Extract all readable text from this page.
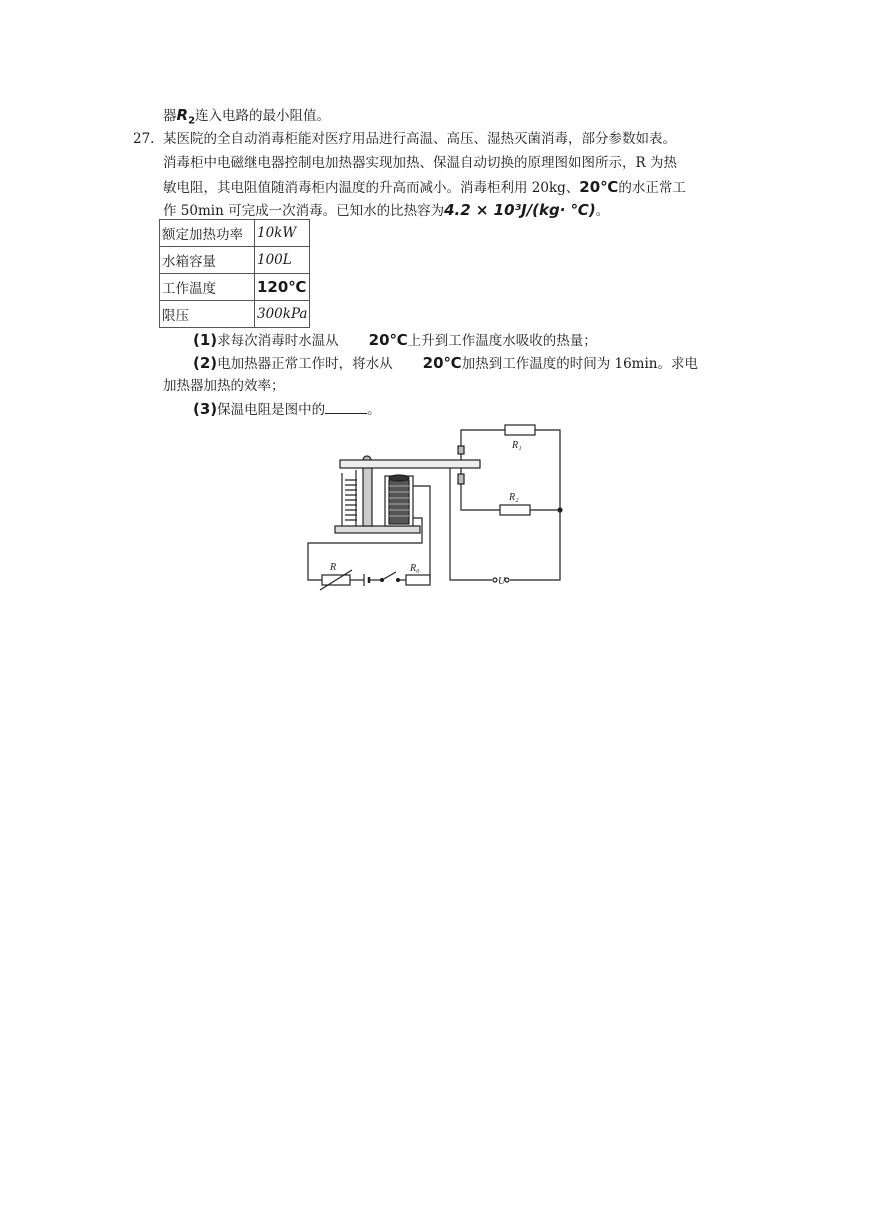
器$R_2$连入电路的最小阻值。
27. 某医院的全自动消毒柜能对医疗用品进行高温、高压、湿热灭菌消毒，部分参数如表。
消毒柜中电磁继电器控制电加热器实现加热、保温自动切换的原理图如图所示，R 为热
敏电阻，其电阻值随消毒柜内温度的升高而减小。消毒柜利用 20kg、20℃的水正常工
作 50min 可完成一次消毒。已知水的比热容为4.2 × 10³J/(kg· ℃)。
额定加热功率	10kW
水箱容量	100L
工作温度	120℃
限压	300kPa
(1)求每次消毒时水温从 20℃上升到工作温度水吸收的热量；
(2)电加热器正常工作时，将水从 20℃加热到工作温度的时间为 16min。求电
加热器加热的效率；
(3)保温电阻是图中的	。
R₁
R₂
U
R	R₀
